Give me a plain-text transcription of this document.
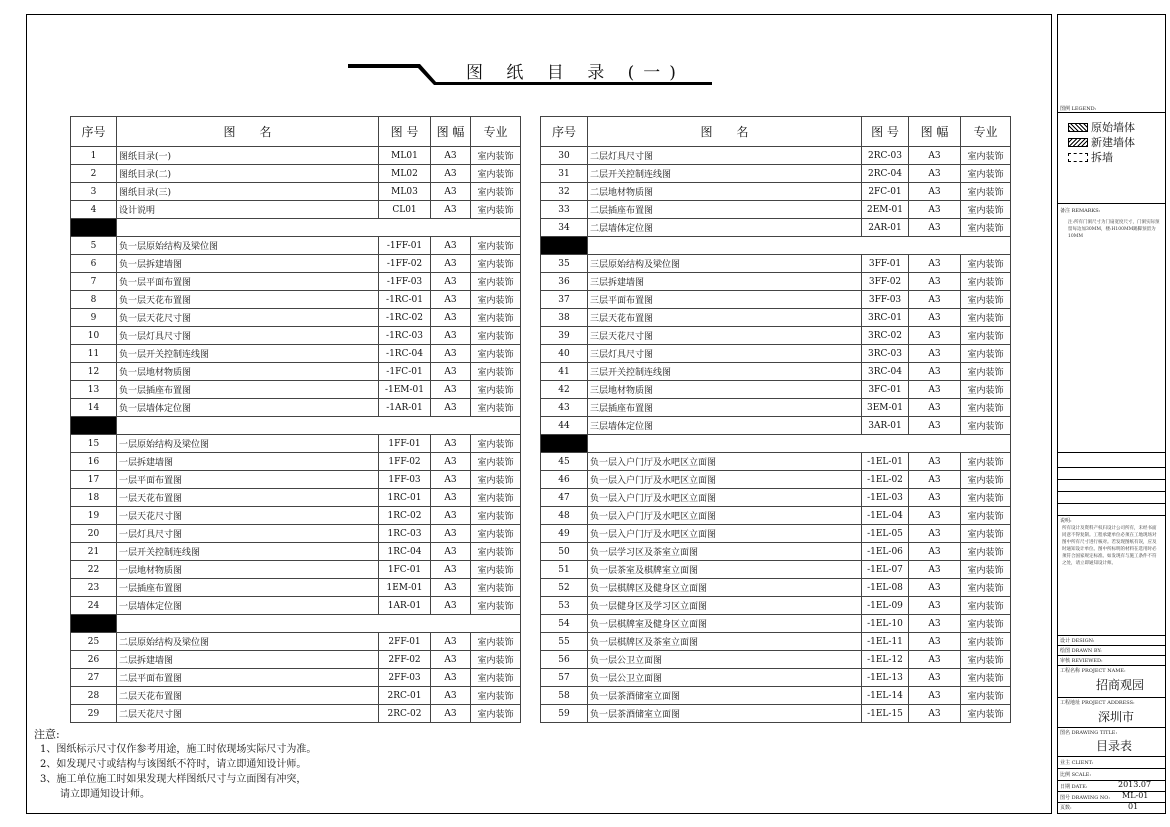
图 纸 目 录 (一)
序号	图　　名	图 号	图 幅	专业
1	图纸目录(一)	ML01	A3	室内装饰
2	图纸目录(二)	ML02	A3	室内装饰
3	图纸目录(三)	ML03	A3	室内装饰
4	设计说明	CL01	A3	室内装饰

5	负一层原始结构及梁位图	-1FF-01	A3	室内装饰
6	负一层拆建墙图	-1FF-02	A3	室内装饰
7	负一层平面布置图	-1FF-03	A3	室内装饰
8	负一层天花布置图	-1RC-01	A3	室内装饰
9	负一层天花尺寸图	-1RC-02	A3	室内装饰
10	负一层灯具尺寸图	-1RC-03	A3	室内装饰
11	负一层开关控制连线图	-1RC-04	A3	室内装饰
12	负一层地材物质图	-1FC-01	A3	室内装饰
13	负一层插座布置图	-1EM-01	A3	室内装饰
14	负一层墙体定位图	-1AR-01	A3	室内装饰

15	一层原始结构及梁位图	1FF-01	A3	室内装饰
16	一层拆建墙图	1FF-02	A3	室内装饰
17	一层平面布置图	1FF-03	A3	室内装饰
18	一层天花布置图	1RC-01	A3	室内装饰
19	一层天花尺寸图	1RC-02	A3	室内装饰
20	一层灯具尺寸图	1RC-03	A3	室内装饰
21	一层开关控制连线图	1RC-04	A3	室内装饰
22	一层地材物质图	1FC-01	A3	室内装饰
23	一层插座布置图	1EM-01	A3	室内装饰
24	一层墙体定位图	1AR-01	A3	室内装饰

25	二层原始结构及梁位图	2FF-01	A3	室内装饰
26	二层拆建墙图	2FF-02	A3	室内装饰
27	二层平面布置图	2FF-03	A3	室内装饰
28	二层天花布置图	2RC-01	A3	室内装饰
29	二层天花尺寸图	2RC-02	A3	室内装饰
序号	图　　名	图 号	图 幅	专业
30	二层灯具尺寸图	2RC-03	A3	室内装饰
31	二层开关控制连线图	2RC-04	A3	室内装饰
32	二层地材物质图	2FC-01	A3	室内装饰
33	二层插座布置图	2EM-01	A3	室内装饰
34	二层墙体定位图	2AR-01	A3	室内装饰

35	三层原始结构及梁位图	3FF-01	A3	室内装饰
36	三层拆建墙图	3FF-02	A3	室内装饰
37	三层平面布置图	3FF-03	A3	室内装饰
38	三层天花布置图	3RC-01	A3	室内装饰
39	三层天花尺寸图	3RC-02	A3	室内装饰
40	三层灯具尺寸图	3RC-03	A3	室内装饰
41	三层开关控制连线图	3RC-04	A3	室内装饰
42	三层地材物质图	3FC-01	A3	室内装饰
43	三层插座布置图	3EM-01	A3	室内装饰
44	三层墙体定位图	3AR-01	A3	室内装饰

45	负一层入户门厅及水吧区立面图	-1EL-01	A3	室内装饰
46	负一层入户门厅及水吧区立面图	-1EL-02	A3	室内装饰
47	负一层入户门厅及水吧区立面图	-1EL-03	A3	室内装饰
48	负一层入户门厅及水吧区立面图	-1EL-04	A3	室内装饰
49	负一层入户门厅及水吧区立面图	-1EL-05	A3	室内装饰
50	负一层学习区及茶室立面图	-1EL-06	A3	室内装饰
51	负一层茶室及棋牌室立面图	-1EL-07	A3	室内装饰
52	负一层棋牌区及健身区立面图	-1EL-08	A3	室内装饰
53	负一层健身区及学习区立面图	-1EL-09	A3	室内装饰
54	负一层棋牌室及健身区立面图	-1EL-10	A3	室内装饰
55	负一层棋牌区及茶室立面图	-1EL-11	A3	室内装饰
56	负一层公卫立面图	-1EL-12	A3	室内装饰
57	负一层公卫立面图	-1EL-13	A3	室内装饰
58	负一层茶酒储室立面图	-1EL-14	A3	室内装饰
59	负一层茶酒储室立面图	-1EL-15	A3	室内装饰
注意:
1、图纸标示尺寸仅作参考用途，施工时依现场实际尺寸为准。
2、如发现尺寸或结构与该图纸不符时，请立即通知设计师。
3、施工单位施工时如果发现大样图纸尺寸与立面图有冲突，
　　请立即通知设计师。
图例 LEGEND:
原始墙体
新建墙体
拆墙
备注 REMARKS:
注:所有门洞尺寸为门扇宽度尺寸，门洞实际预留每边加30MM，楼:H100MM踢脚预留为10MM
说明:
所有设计及资料产权归设计公司所有，未经书面同意不得复制。工程承建单位必须在工地现场对图中所有尺寸进行核对。若发现图纸有误，应及时通知设计单位。图中所标明的材料在选用时必须符合国家规定标准。如发现有与施工条件不符之处，请立即通知设计师。
设计 DESIGN:
绘图 DRAWN BY:
审核 REVIEWED:
工程名称 PROJECT NAME:
招商观园
工程地址 PROJECT ADDRESS:
深圳市
图名 DRAWING TITLE:
目录表
业主 CLIENT:
比例 SCALE:
日期 DATE:	2013.07
图号 DRAWING NO: ML-01
页数:	01
